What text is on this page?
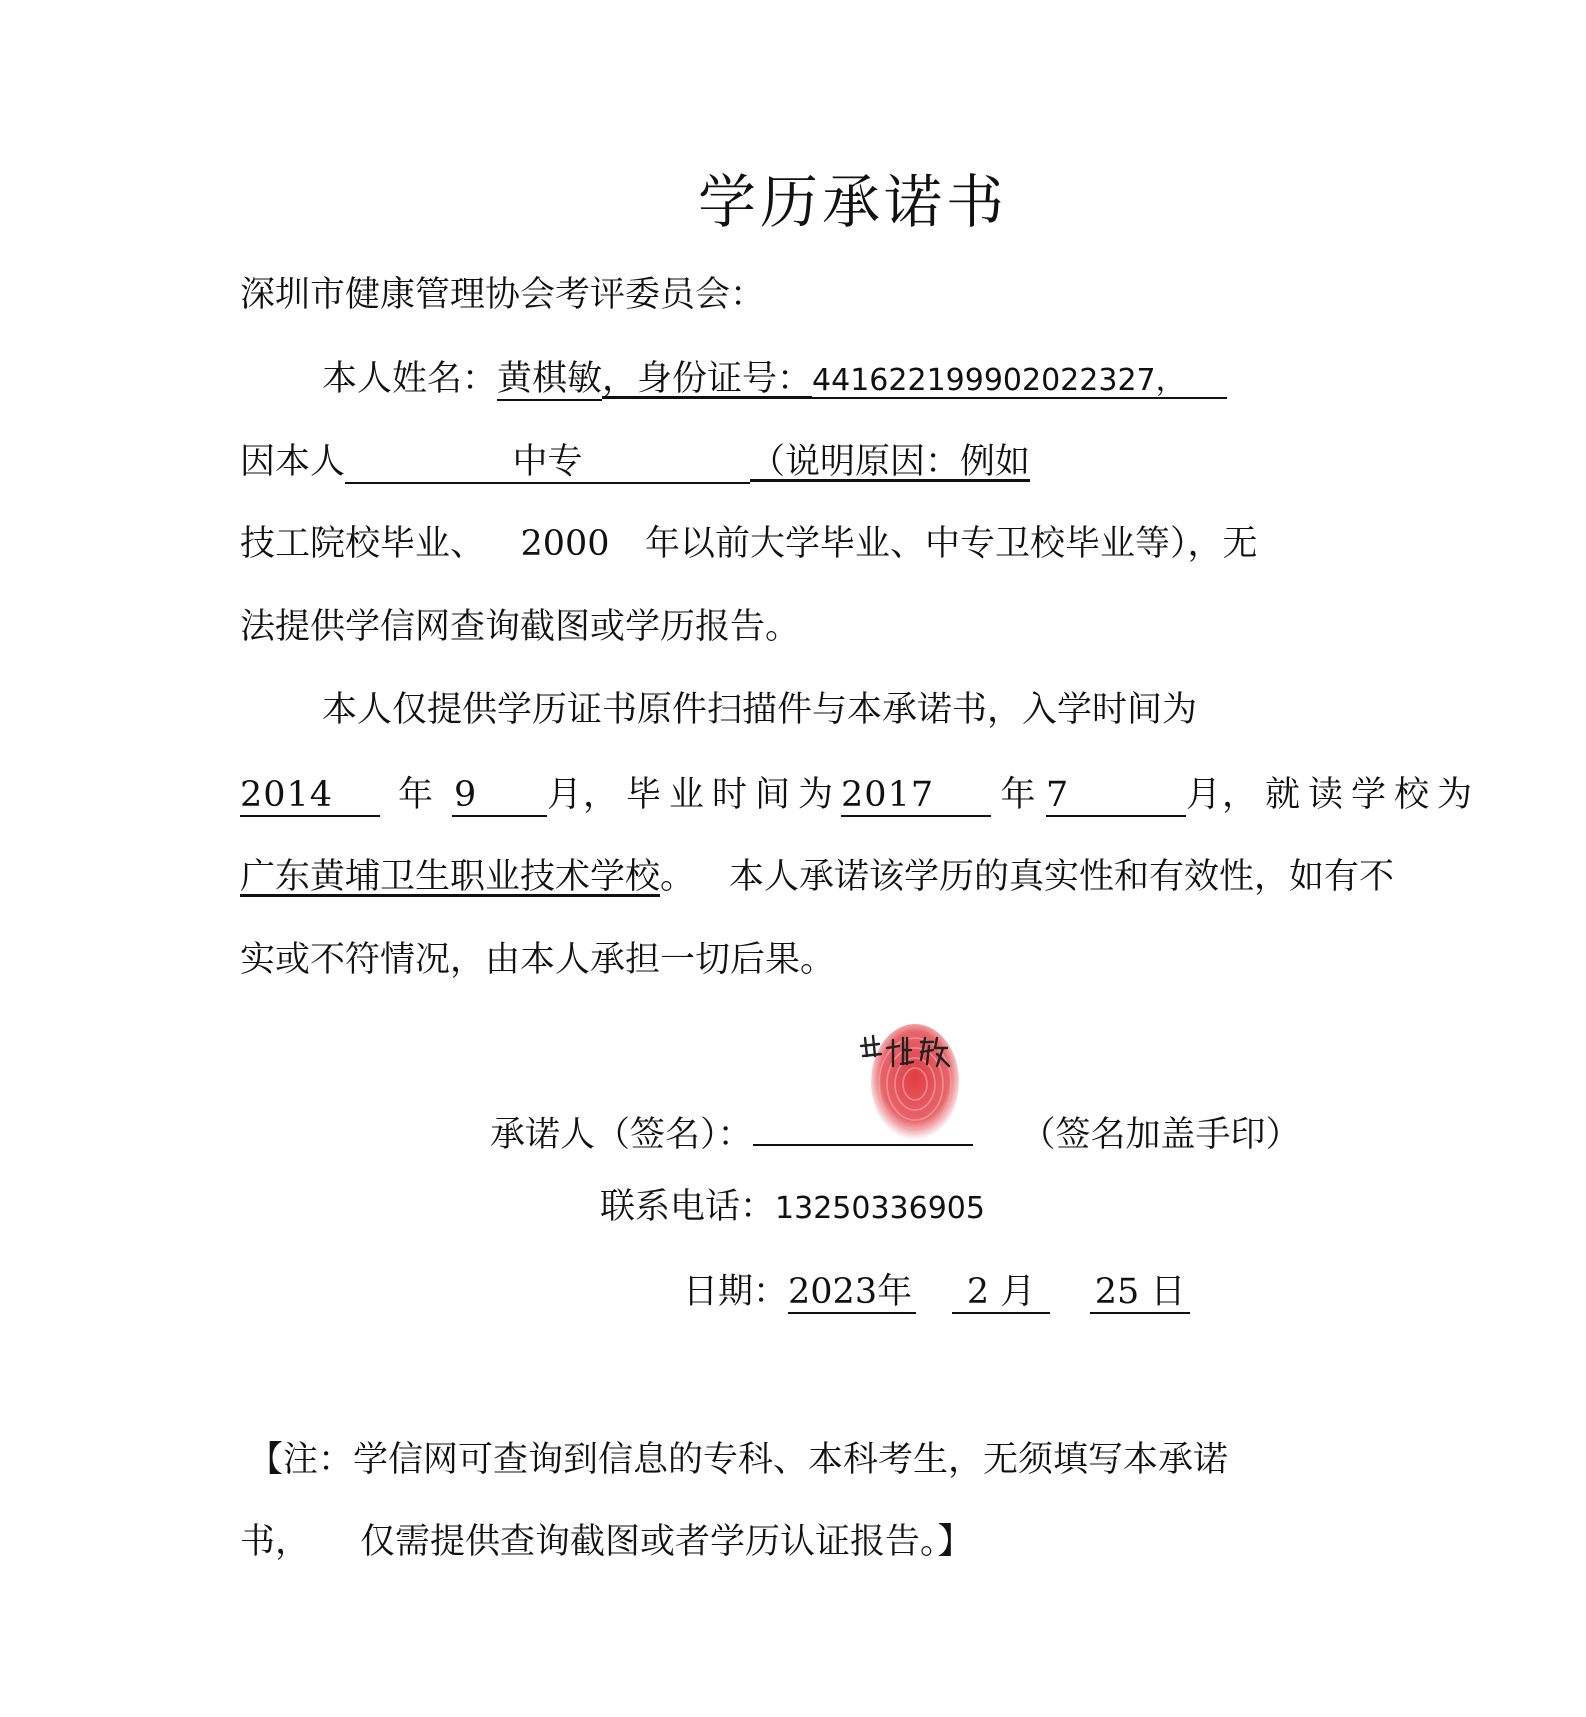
学历承诺书
深圳市健康管理协会考评委员会：
本人姓名：黄棋敏，身份证号：441622199902022327，
因本人	中专	（说明原因：例如
技工院校毕业、 2000 年以前大学毕业、中专卫校毕业等），无
法提供学信网查询截图或学历报告。
本人仅提供学历证书原件扫描件与本承诺书，入学时间为
2014 年 9 月，毕业时间为2017 年 7	月，就读学校为
广东黄埔卫生职业技术学校。 本人承诺该学历的真实性和有效性，如有不
实或不符情况，由本人承担一切后果。
承诺人（签名）：	（签名加盖手印）
联系电话：13250336905
日期：2023年 2 月 25 日
【注：学信网可查询到信息的专科、本科考生，无须填写本承诺
书， 仅需提供查询截图或者学历认证报告。】
